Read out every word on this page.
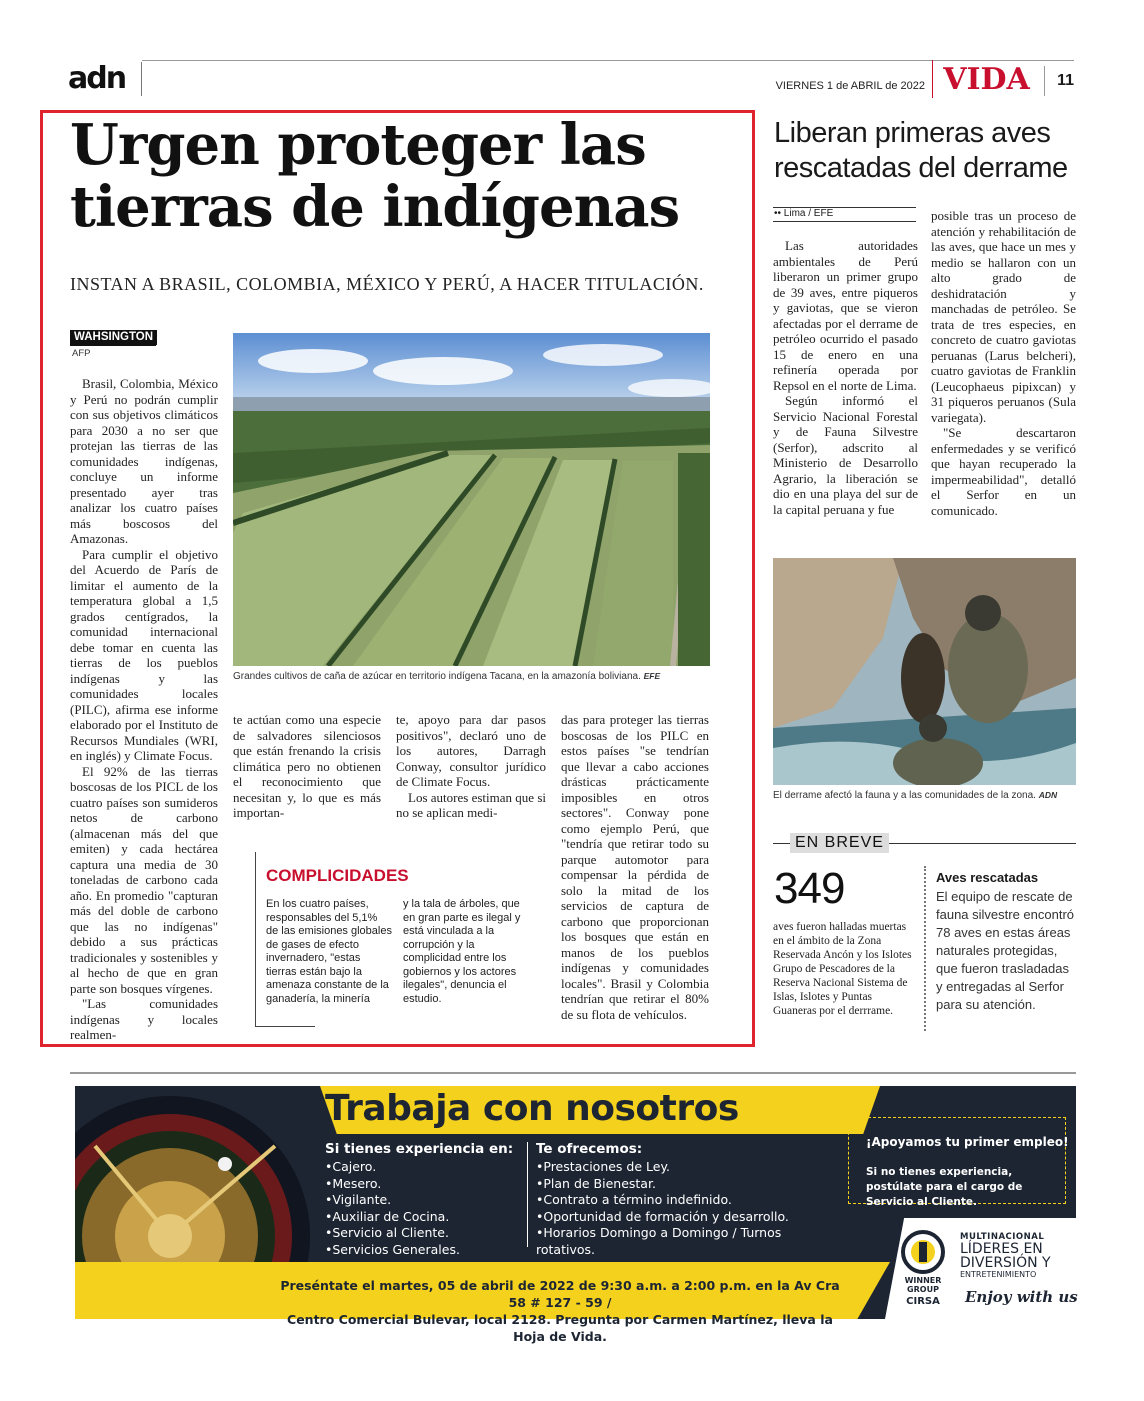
adn	VIERNES 1 de ABRIL de 2022 VIDA	11
Urgen proteger las
tierras de indígenas
INSTAN A BRASIL, COLOMBIA, MÉXICO Y PERÚ, A HACER TITULACIÓN.
WAHSINGTON
AFP

Brasil, Colombia, México y Perú no podrán cumplir con sus objetivos climáticos para 2030 a no ser que protejan las tierras de las comunidades indígenas, concluye un informe presentado ayer tras analizar los cuatro países más boscosos del Amazonas.

Para cumplir el objetivo del Acuerdo de París de limitar el aumento de la temperatura global a 1,5 grados centígrados, la comunidad internacional debe tomar en cuenta las tierras de los pueblos indígenas y las comunidades locales (PILC), afirma ese informe elaborado por el Instituto de Recursos Mundiales (WRI, en inglés) y Climate Focus.

El 92% de las tierras boscosas de los PICL de los cuatro países son sumideros netos de carbono (almacenan más del que emiten) y cada hectárea captura una media de 30 toneladas de carbono cada año. En promedio "capturan más del doble de carbono que las no indígenas" debido a sus prácticas tradicionales y sostenibles y al hecho de que en gran parte son bosques vírgenes.

"Las comunidades indígenas y locales realmen-

Grandes cultivos de caña de azúcar en territorio indígena Tacana, en la amazonía boliviana. EFE

te actúan como una especie de salvadores silenciosos que están frenando la crisis climática pero no obtienen el reconocimiento que necesitan y, lo que es más importan-

te, apoyo para dar pasos positivos", declaró uno de los autores, Darragh Conway, consultor jurídico de Climate Focus.

Los autores estiman que si no se aplican medi-

das para proteger las tierras boscosas de los PILC en estos países "se tendrían que llevar a cabo acciones drásticas prácticamente imposibles en otros sectores". Conway pone como ejemplo Perú, que "tendría que retirar todo su parque automotor para compensar la pérdida de solo la mitad de los servicios de captura de carbono que proporcionan los bosques que están en manos de los pueblos indígenas y comunidades locales". Brasil y Colombia tendrían que retirar el 80% de su flota de vehículos.

COMPLICIDADES
En los cuatro países, responsables del 5,1% de las emisiones globales de gases de efecto invernadero, "estas tierras están bajo la amenaza constante de la ganadería, la minería
y la tala de árboles, que en gran parte es ilegal y está vinculada a la corrupción y la complicidad entre los gobiernos y los actores ilegales", denuncia el estudio.
Liberan primeras aves rescatadas del derrame
•• Lima / EFE

Las autoridades ambientales de Perú liberaron un primer grupo de 39 aves, entre piqueros y gaviotas, que se vieron afectadas por el derrame de petróleo ocurrido el pasado 15 de enero en una refinería operada por Repsol en el norte de Lima.

Según informó el Servicio Nacional Forestal y de Fauna Silvestre (Serfor), adscrito al Ministerio de Desarrollo Agrario, la liberación se dio en una playa del sur de la capital peruana y fue

posible tras un proceso de atención y rehabilitación de las aves, que hace un mes y medio se hallaron con un alto grado de deshidratación y manchadas de petróleo. Se trata de tres especies, en concreto de cuatro gaviotas peruanas (Larus belcheri), cuatro gaviotas de Franklin (Leucophaeus pipixcan) y 31 piqueros peruanos (Sula variegata).

"Se descartaron enfermedades y se verificó que hayan recuperado la impermeabilidad", detalló el Serfor en un comunicado.

El derrame afectó la fauna y a las comunidades de la zona. ADN
EN BREVE
349
aves fueron halladas muertas en el ámbito de la Zona Reservada Ancón y los Islotes Grupo de Pescadores de la Reserva Nacional Sistema de Islas, Islotes y Puntas Guaneras por el derrrame.
Aves rescatadas
El equipo de rescate de fauna silvestre encontró 78 aves en estas áreas naturales protegidas, que fueron trasladadas y entregadas al Serfor para su atención.
Trabaja con nosotros
Si tienes experiencia en:
•Cajero.
•Mesero.
•Vigilante.
•Auxiliar de Cocina.
•Servicio al Cliente.
•Servicios Generales.
Te ofrecemos:
•Prestaciones de Ley.
•Plan de Bienestar.
•Contrato a término indefinido.
•Oportunidad de formación y desarrollo.
•Horarios Domingo a Domingo / Turnos rotativos.
¡Apoyamos tu primer empleo!
Si no tienes experiencia, postúlate para el cargo de Servicio al Cliente.
Preséntate el martes, 05 de abril de 2022 de 9:30 a.m. a 2:00 p.m. en la Av Cra 58 # 127 - 59 /
Centro Comercial Bulevar, local 2128. Pregunta por Carmen Martínez, lleva la Hoja de Vida.
WINNER GROUP
CIRSA
MULTINACIONAL
LÍDERES EN DIVERSIÓN Y
ENTRETENIMIENTO
Enjoy with us
